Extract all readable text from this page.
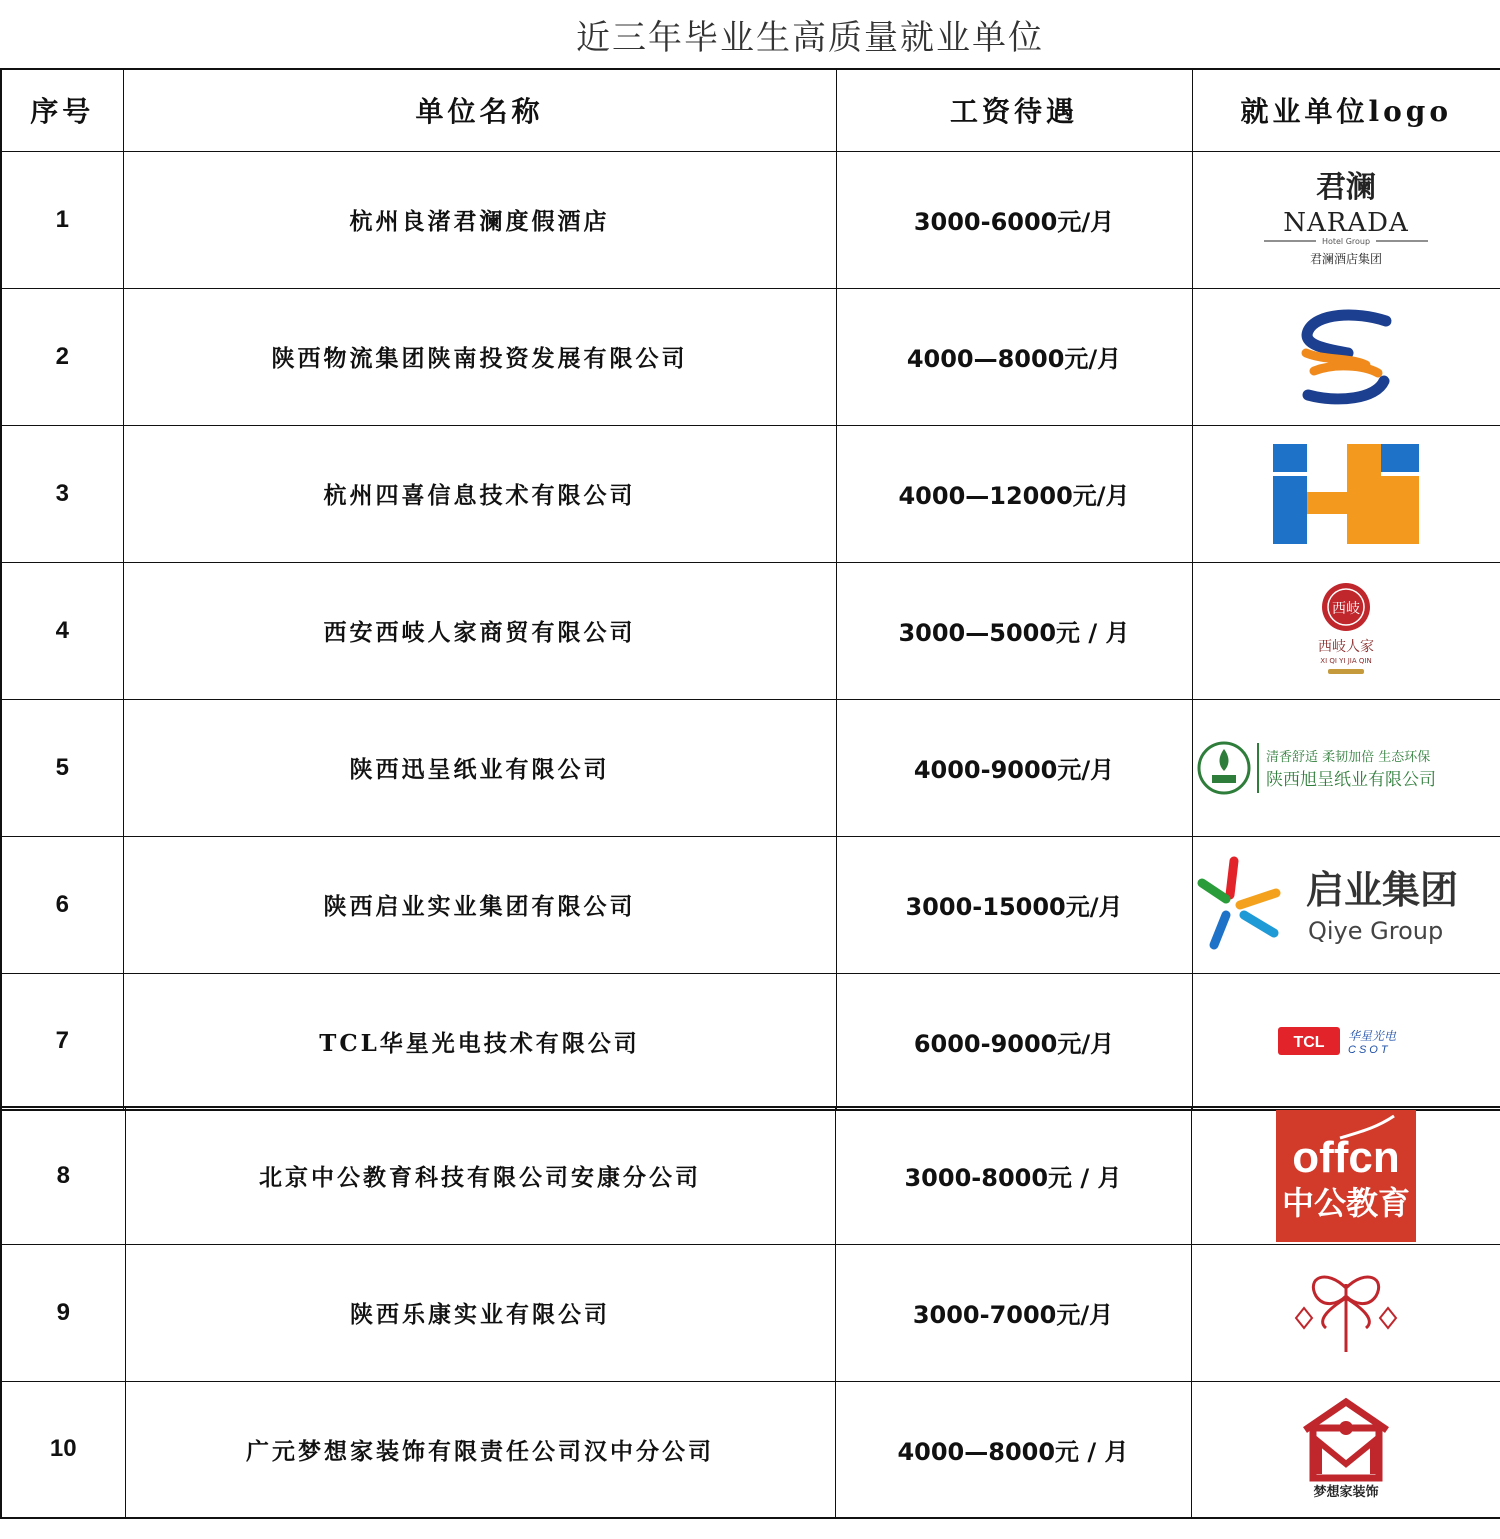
近三年毕业生高质量就业单位
序号	单位名称	工资待遇	就业单位logo
1	杭州良渚君澜度假酒店	3000-6000元/月	君澜
NARADA
Hotel Group
君澜酒店集团

2	陕西物流集团陕南投资发展有限公司	4000—8000元/月	

3	杭州四喜信息技术有限公司	4000—12000元/月	

4	西安西岐人家商贸有限公司	3000—5000元 / 月	西岐
西岐人家
XI QI YI JIA QIN

5	陕西迅呈纸业有限公司	4000-9000元/月	清香舒适 柔韧加倍 生态环保
陕西旭呈纸业有限公司

6	陕西启业实业集团有限公司	3000-15000元/月	启业集团
Qiye Group

7	TCL华星光电技术有限公司	6000-9000元/月	TCL 华星光电
CSOT
8	北京中公教育科技有限公司安康分公司	3000-8000元 / 月	offcn
中公教育

9	陕西乐康实业有限公司	3000-7000元/月	

10	广元梦想家装饰有限责任公司汉中分公司	4000—8000元 / 月	梦想家装饰
